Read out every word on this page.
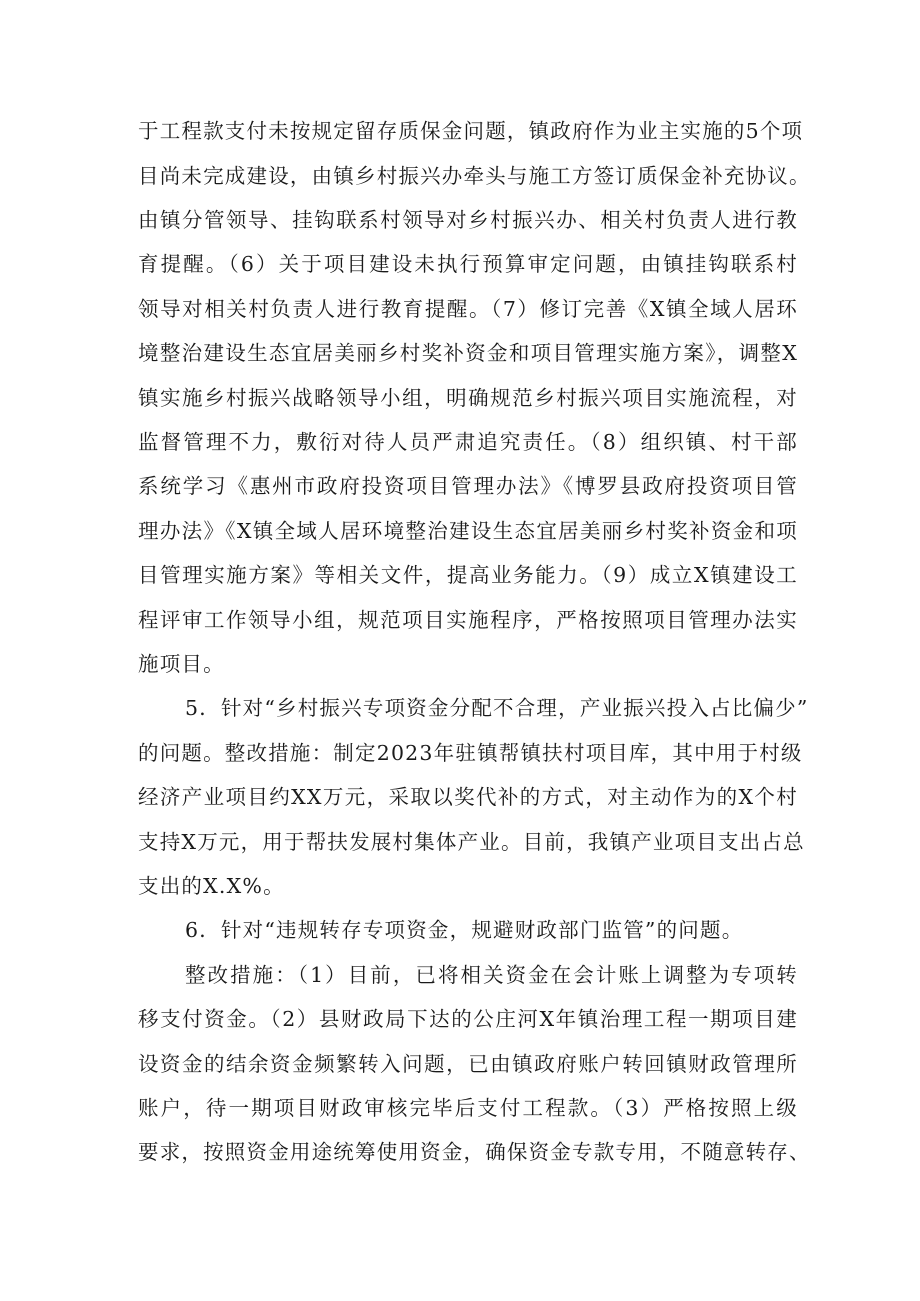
于工程款支付未按规定留存质保金问题，镇政府作为业主实施的5个项
目尚未完成建设，由镇乡村振兴办牵头与施工方签订质保金补充协议。
由镇分管领导、挂钩联系村领导对乡村振兴办、相关村负责人进行教
育提醒。（6）关于项目建设未执行预算审定问题，由镇挂钩联系村
领导对相关村负责人进行教育提醒。（7）修订完善《X镇全域人居环
境整治建设生态宜居美丽乡村奖补资金和项目管理实施方案》，调整X
镇实施乡村振兴战略领导小组，明确规范乡村振兴项目实施流程，对
监督管理不力，敷衍对待人员严肃追究责任。（8）组织镇、村干部
系统学习《惠州市政府投资项目管理办法》《博罗县政府投资项目管
理办法》《X镇全域人居环境整治建设生态宜居美丽乡村奖补资金和项
目管理实施方案》等相关文件，提高业务能力。（9）成立X镇建设工
程评审工作领导小组，规范项目实施程序，严格按照项目管理办法实
施项目。
5．针对“乡村振兴专项资金分配不合理，产业振兴投入占比偏少”
的问题。整改措施：制定2023年驻镇帮镇扶村项目库，其中用于村级
经济产业项目约XX万元，采取以奖代补的方式，对主动作为的X个村
支持X万元，用于帮扶发展村集体产业。目前，我镇产业项目支出占总
支出的X.X%。
6．针对“违规转存专项资金，规避财政部门监管”的问题。
整改措施：（1）目前，已将相关资金在会计账上调整为专项转
移支付资金。（2）县财政局下达的公庄河X年镇治理工程一期项目建
设资金的结余资金频繁转入问题，已由镇政府账户转回镇财政管理所
账户，待一期项目财政审核完毕后支付工程款。（3）严格按照上级
要求，按照资金用途统筹使用资金，确保资金专款专用，不随意转存、
